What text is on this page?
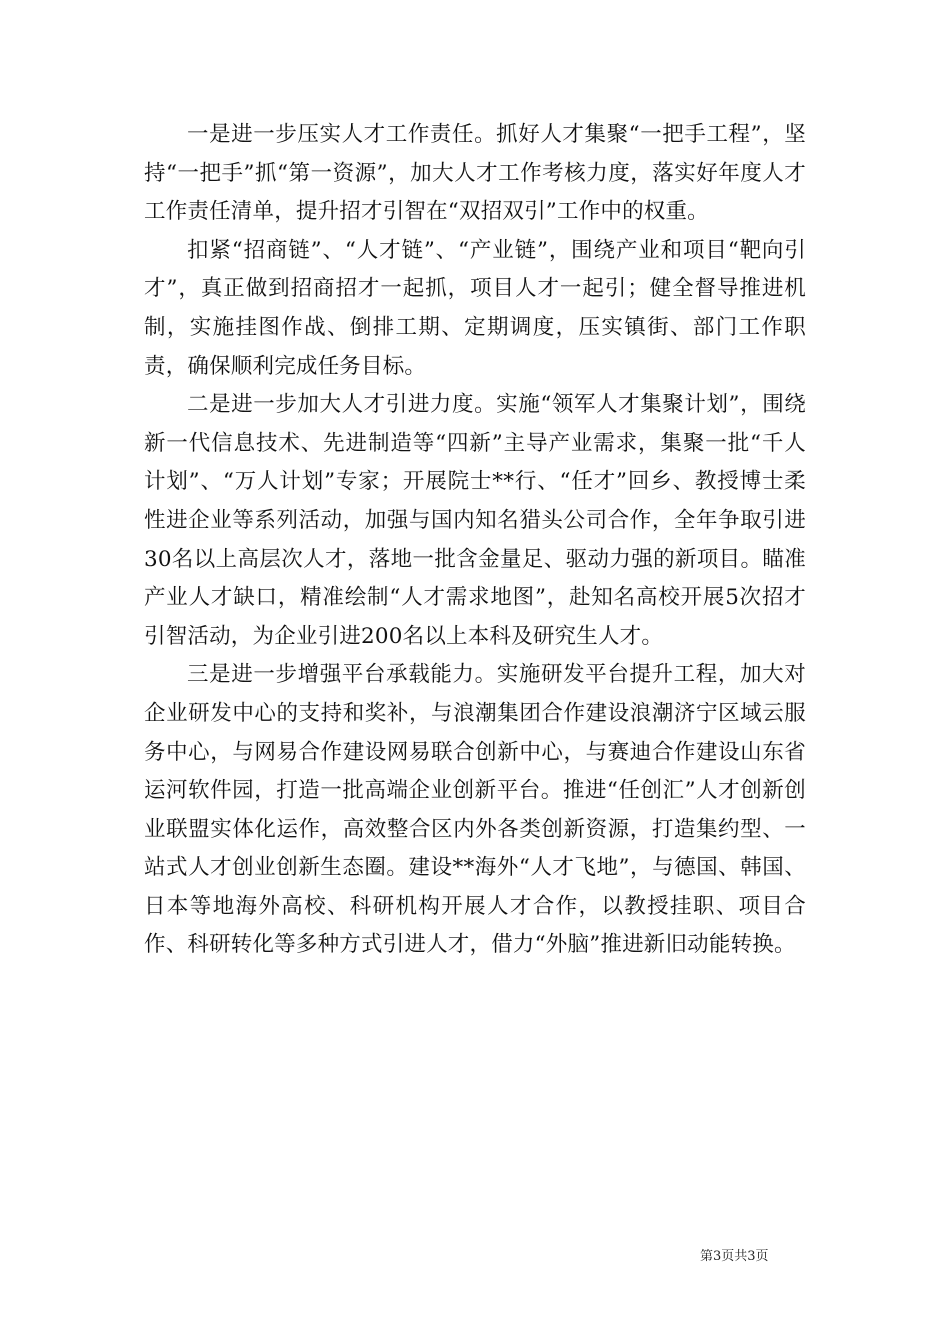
一是进一步压实人才工作责任。抓好人才集聚“一把手工程”，坚持“一把手”抓“第一资源”，加大人才工作考核力度，落实好年度人才工作责任清单，提升招才引智在“双招双引”工作中的权重。

扣紧“招商链”、“人才链”、“产业链”，围绕产业和项目“靶向引才”，真正做到招商招才一起抓，项目人才一起引；健全督导推进机制，实施挂图作战、倒排工期、定期调度，压实镇街、部门工作职责，确保顺利完成任务目标。

二是进一步加大人才引进力度。实施“领军人才集聚计划”，围绕新一代信息技术、先进制造等“四新”主导产业需求，集聚一批“千人计划”、“万人计划”专家；开展院士**行、“任才”回乡、教授博士柔性进企业等系列活动，加强与国内知名猎头公司合作，全年争取引进30名以上高层次人才，落地一批含金量足、驱动力强的新项目。瞄准产业人才缺口，精准绘制“人才需求地图”，赴知名高校开展5次招才引智活动，为企业引进200名以上本科及研究生人才。

三是进一步增强平台承载能力。实施研发平台提升工程，加大对企业研发中心的支持和奖补，与浪潮集团合作建设浪潮济宁区域云服务中心，与网易合作建设网易联合创新中心，与赛迪合作建设山东省运河软件园，打造一批高端企业创新平台。推进“任创汇”人才创新创业联盟实体化运作，高效整合区内外各类创新资源，打造集约型、一站式人才创业创新生态圈。建设**海外“人才飞地”，与德国、韩国、日本等地海外高校、科研机构开展人才合作，以教授挂职、项目合作、科研转化等多种方式引进人才，借力“外脑”推进新旧动能转换。

第3页共3页
